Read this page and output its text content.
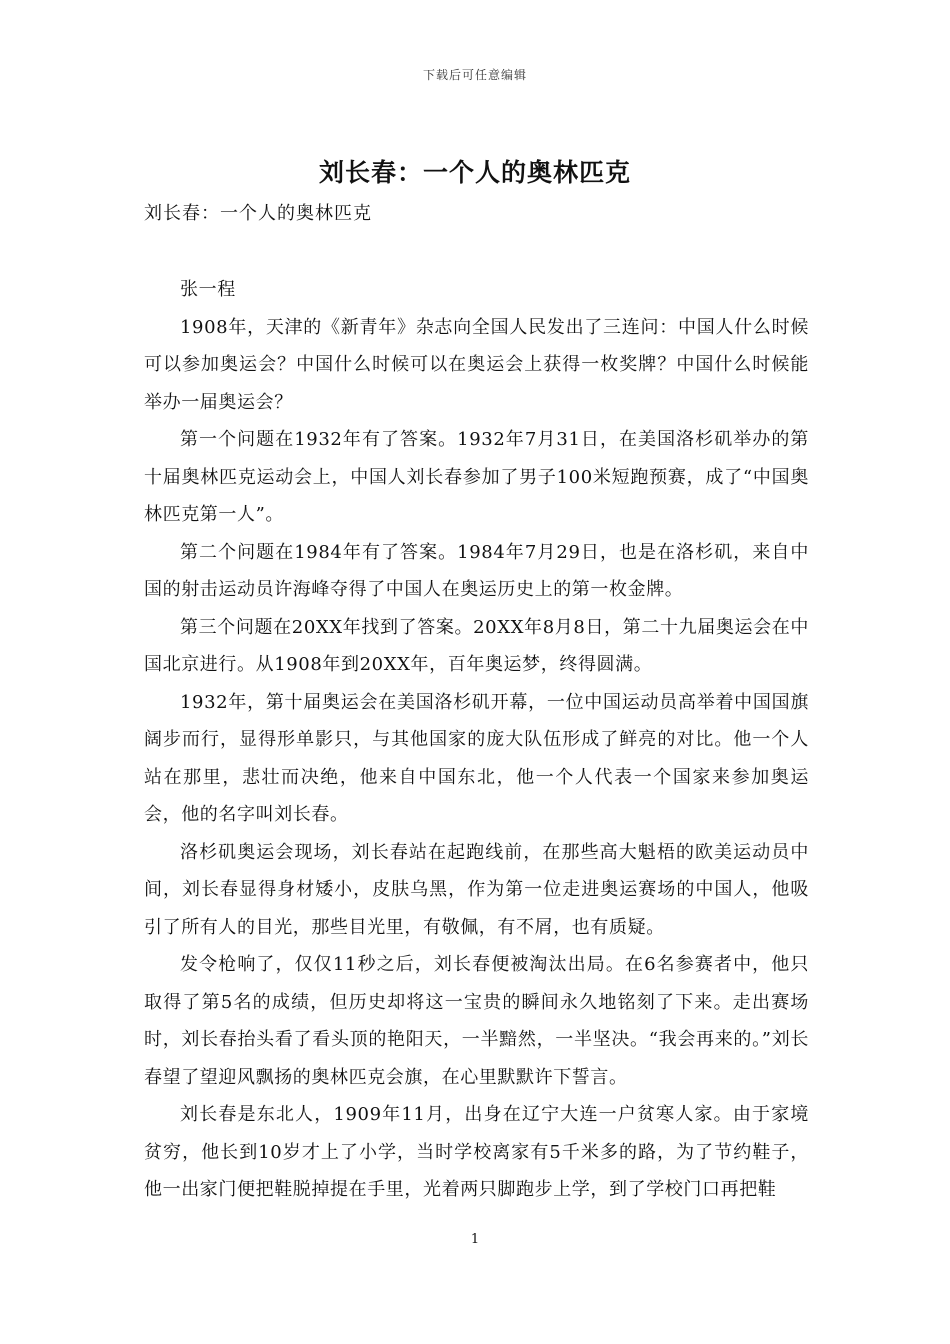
下载后可任意编辑
刘长春：一个人的奥林匹克
刘长春：一个人的奥林匹克

张一程

1908年，天津的《新青年》杂志向全国人民发出了三连问：中国人什么时候可以参加奥运会？中国什么时候可以在奥运会上获得一枚奖牌？中国什么时候能举办一届奥运会？

第一个问题在1932年有了答案。1932年7月31日，在美国洛杉矶举办的第十届奥林匹克运动会上，中国人刘长春参加了男子100米短跑预赛，成了“中国奥林匹克第一人”。

第二个问题在1984年有了答案。1984年7月29日，也是在洛杉矶，来自中国的射击运动员许海峰夺得了中国人在奥运历史上的第一枚金牌。

第三个问题在20XX年找到了答案。20XX年8月8日，第二十九届奥运会在中国北京进行。从1908年到20XX年，百年奥运梦，终得圆满。

1932年，第十届奥运会在美国洛杉矶开幕，一位中国运动员高举着中国国旗阔步而行，显得形单影只，与其他国家的庞大队伍形成了鲜亮的对比。他一个人站在那里，悲壮而决绝，他来自中国东北，他一个人代表一个国家来参加奥运会，他的名字叫刘长春。

洛杉矶奥运会现场，刘长春站在起跑线前，在那些高大魁梧的欧美运动员中间，刘长春显得身材矮小，皮肤乌黑，作为第一位走进奥运赛场的中国人，他吸引了所有人的目光，那些目光里，有敬佩，有不屑，也有质疑。

发令枪响了，仅仅11秒之后，刘长春便被淘汰出局。在6名参赛者中，他只取得了第5名的成绩，但历史却将这一宝贵的瞬间永久地铭刻了下来。走出赛场时，刘长春抬头看了看头顶的艳阳天，一半黯然，一半坚决。“我会再来的。”刘长春望了望迎风飘扬的奥林匹克会旗，在心里默默许下誓言。

刘长春是东北人，1909年11月，出身在辽宁大连一户贫寒人家。由于家境贫穷，他长到10岁才上了小学，当时学校离家有5千米多的路，为了节约鞋子，他一出家门便把鞋脱掉提在手里，光着两只脚跑步上学，到了学校门口再把鞋

1
